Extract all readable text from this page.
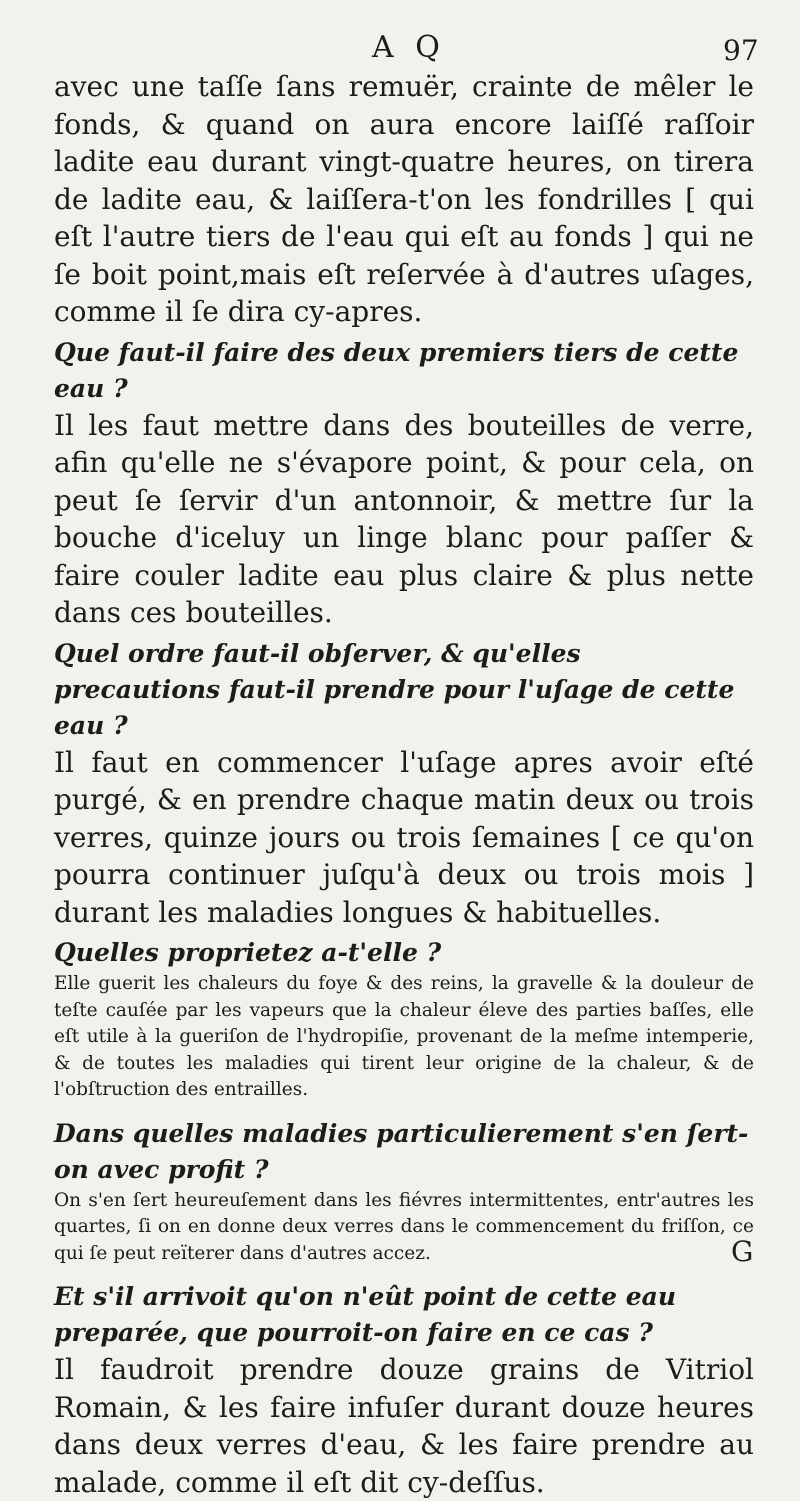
A Q	97

avec une taſſe ſans remuër, crainte de mêler le fonds, & quand on aura encore laiſſé raſſoir ladite eau durant vingt-quatre heures, on tirera de ladite eau, & laiſſera-t'on les fondrilles [ qui eſt l'autre tiers de l'eau qui eſt au fonds ] qui ne ſe boit point,mais eſt reſervée à d'autres uſages, comme il ſe dira cy-apres.

Que faut-il faire des deux premiers tiers de cette eau ?

Il les faut mettre dans des bouteilles de verre, afin qu'elle ne s'évapore point, & pour cela, on peut ſe ſervir d'un antonnoir, & mettre ſur la bouche d'iceluy un linge blanc pour paſſer & faire couler ladite eau plus claire & plus nette dans ces bouteilles.

Quel ordre faut-il obſerver, & qu'elles precautions faut-il prendre pour l'uſage de cette eau ?

Il faut en commencer l'uſage apres avoir eſté purgé, & en prendre chaque matin deux ou trois verres, quinze jours ou trois ſemaines [ ce qu'on pourra continuer juſqu'à deux ou trois mois ] durant les maladies longues & habituelles.

Quelles proprietez a-t'elle ?

Elle guerit les chaleurs du foye & des reins, la gravelle & la douleur de teſte cauſée par les vapeurs que la chaleur éleve des parties baſſes, elle eſt utile à la gueriſon de l'hydropiſie, provenant de la meſme intemperie, & de toutes les maladies qui tirent leur origine de la chaleur, & de l'obſtruction des entrailles.

Dans quelles maladies particulierement s'en ſert-on avec profit ?

On s'en ſert heureuſement dans les fiévres intermittentes, entr'autres les quartes, ſi on en donne deux verres dans le commencement du friſſon, ce qui ſe peut reïterer dans d'autres accez.

Et s'il arrivoit qu'on n'eût point de cette eau preparée, que pourroit-on faire en ce cas ?

Il faudroit prendre douze grains de Vitriol Romain, & les faire infuſer durant douze heures dans deux verres d'eau, & les faire prendre au malade, comme il eſt dit cy-deſſus.

G
